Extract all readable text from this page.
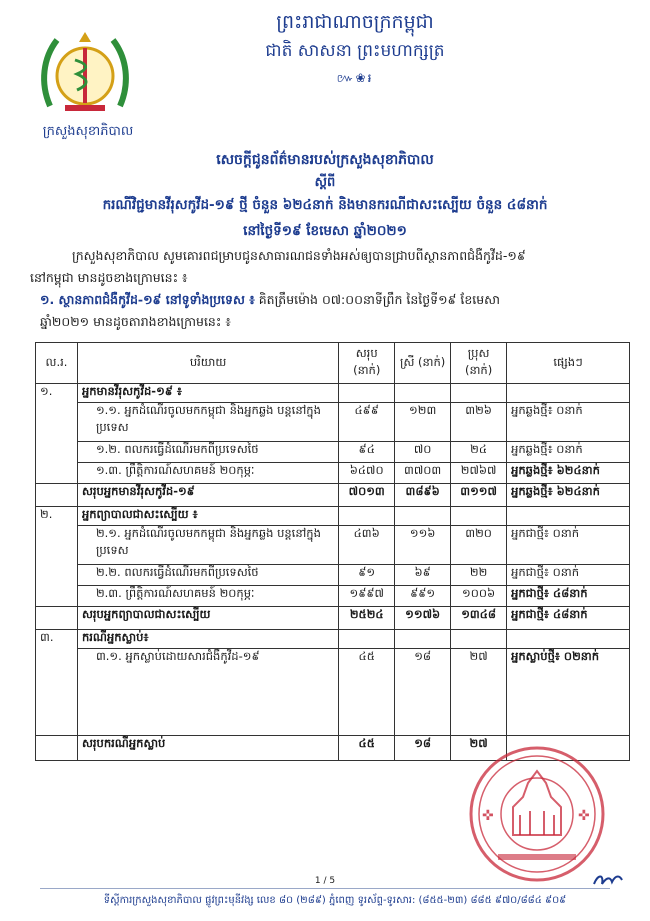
ព្រះរាជាណាចក្រកម្ពុជា
ជាតិ សាសនា ព្រះមហាក្សត្រ
៚❀៛
ក្រសួងសុខាភិបាល
សេចក្តីជូនព័ត៌មានរបស់ក្រសួងសុខាភិបាល
ស្តីពី
ករណីវិជ្ជមានវីរុសកូវីដ-១៩ ថ្មី ចំនួន ៦២៤នាក់ និងមានករណីជាសះស្បើយ ចំនួន ៤៨នាក់
នៅថ្ងៃទី១៩ ខែមេសា ឆ្នាំ២០២១
ក្រសួងសុខាភិបាល សូមគោរពជម្រាបជូនសាធារណជនទាំងអស់ឲ្យបានជ្រាបពីស្ថានភាពជំងឺកូវីដ-១៩
នៅកម្ពុជា មានដូចខាងក្រោមនេះ ៖
១. ស្ថានភាពជំងឺកូវីដ-១៩ នៅទូទាំងប្រទេស ៖ គិតត្រឹមម៉ោង ០៧:០០នាទីព្រឹក នៃថ្ងៃទី១៩ ខែមេសា
ឆ្នាំ២០២១ មានដូចតារាងខាងក្រោមនេះ ៖
ល.រ.	បរិយាយ	សរុប (នាក់)	ស្រី (នាក់)	ប្រុស (នាក់)	ផ្សេងៗ
១.	អ្នកមានវីរុសកូវីដ-១៩ ៖				
	១.១. អ្នកដំណើរចូលមកកម្ពុជា និងអ្នកឆ្លង បន្តនៅក្នុងប្រទេស	៤៩៩	១២៣	៣២៦	អ្នកឆ្លងថ្មី៖ ០នាក់
	១.២. ពលករធ្វើដំណើរមកពីប្រទេសថៃ	៩៤	៧០	២៤	អ្នកឆ្លងថ្មី៖ ០នាក់
	១.៣. ព្រឹត្តិការណ៍សហគមន៍ ២០កុម្ភៈ	៦៤៧០	៣៧០៣	២៧៦៧	អ្នកឆ្លងថ្មី៖ ៦២៤នាក់
	សរុបអ្នកមានវីរុសកូវីដ-១៩	៧០១៣	៣៨៩៦	៣១១៧	អ្នកឆ្លងថ្មី៖ ៦២៤នាក់
២.	អ្នកព្យាបាលជាសះស្បើយ ៖				
	២.១. អ្នកដំណើរចូលមកកម្ពុជា និងអ្នកឆ្លង បន្តនៅក្នុងប្រទេស	៤៣៦	១១៦	៣២០	អ្នកជាថ្មី៖ ០នាក់
	២.២. ពលករធ្វើដំណើរមកពីប្រទេសថៃ	៩១	៦៩	២២	អ្នកជាថ្មី៖ ០នាក់
	២.៣. ព្រឹត្តិការណ៍សហគមន៍ ២០កុម្ភៈ	១៩៩៧	៩៩១	១០០៦	អ្នកជាថ្មី៖ ៤៨នាក់
	សរុបអ្នកព្យាបាលជាសះស្បើយ	២៥២៤	១១៧៦	១៣៤៨	អ្នកជាថ្មី៖ ៤៨នាក់
៣.	ករណីអ្នកស្លាប់៖				
	៣.១. អ្នកស្លាប់ដោយសារជំងឺកូវីដ-១៩	៤៥	១៨	២៧	អ្នកស្លាប់ថ្មី៖ ០២នាក់
	សរុបករណីអ្នកស្លាប់	៤៥	១៨	២៧	
✜	✜
1 / 5
ទីស្តីការក្រសួងសុខាភិបាល ផ្លូវព្រះមុនីវង្ស លេខ ៨០ (២៨៩) ភ្នំពេញ ទូរស័ព្ទ-ទូរសារ: (៨៥៥-២៣) ៨៨៥ ៩៧០/៨៨៤ ៩០៩
